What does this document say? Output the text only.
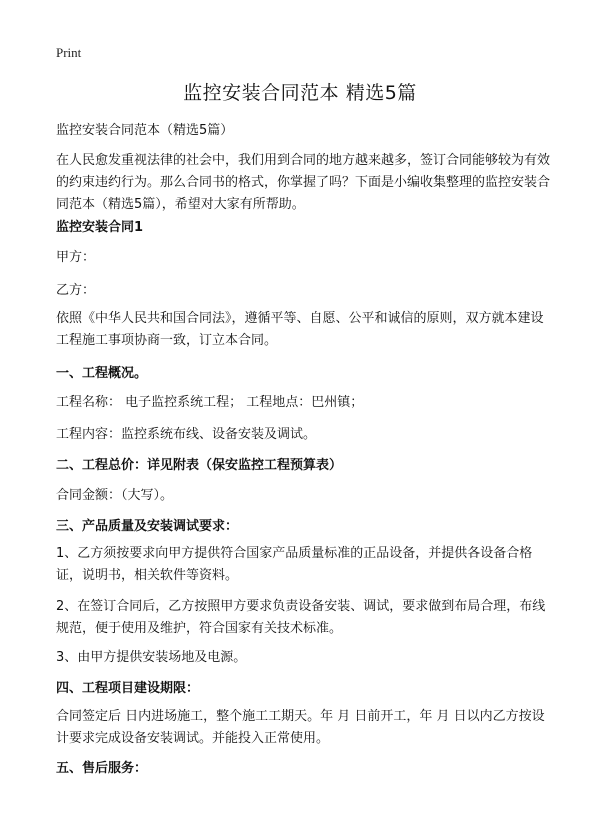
Print
监控安装合同范本 精选5篇
监控安装合同范本（精选5篇）
在人民愈发重视法律的社会中，我们用到合同的地方越来越多，签订合同能够较为有效的约束违约行为。那么合同书的格式，你掌握了吗？下面是小编收集整理的监控安装合同范本（精选5篇），希望对大家有所帮助。
监控安装合同1
甲方：
乙方：
依照《中华人民共和国合同法》，遵循平等、自愿、公平和诚信的原则，双方就本建设工程施工事项协商一致，订立本合同。
一、工程概况。
工程名称： 电子监控系统工程； 工程地点：巴州镇；
工程内容：监控系统布线、设备安装及调试。
二、工程总价：详见附表（保安监控工程预算表）
合同金额：（大写）。
三、产品质量及安装调试要求：
1、乙方须按要求向甲方提供符合国家产品质量标准的正品设备，并提供各设备合格证，说明书，相关软件等资料。
2、在签订合同后，乙方按照甲方要求负责设备安装、调试，要求做到布局合理，布线规范，便于使用及维护，符合国家有关技术标准。
3、由甲方提供安装场地及电源。
四、工程项目建设期限：
合同签定后 日内进场施工，整个施工工期天。年 月 日前开工，年 月 日以内乙方按设计要求完成设备安装调试。并能投入正常使用。
五、售后服务：
